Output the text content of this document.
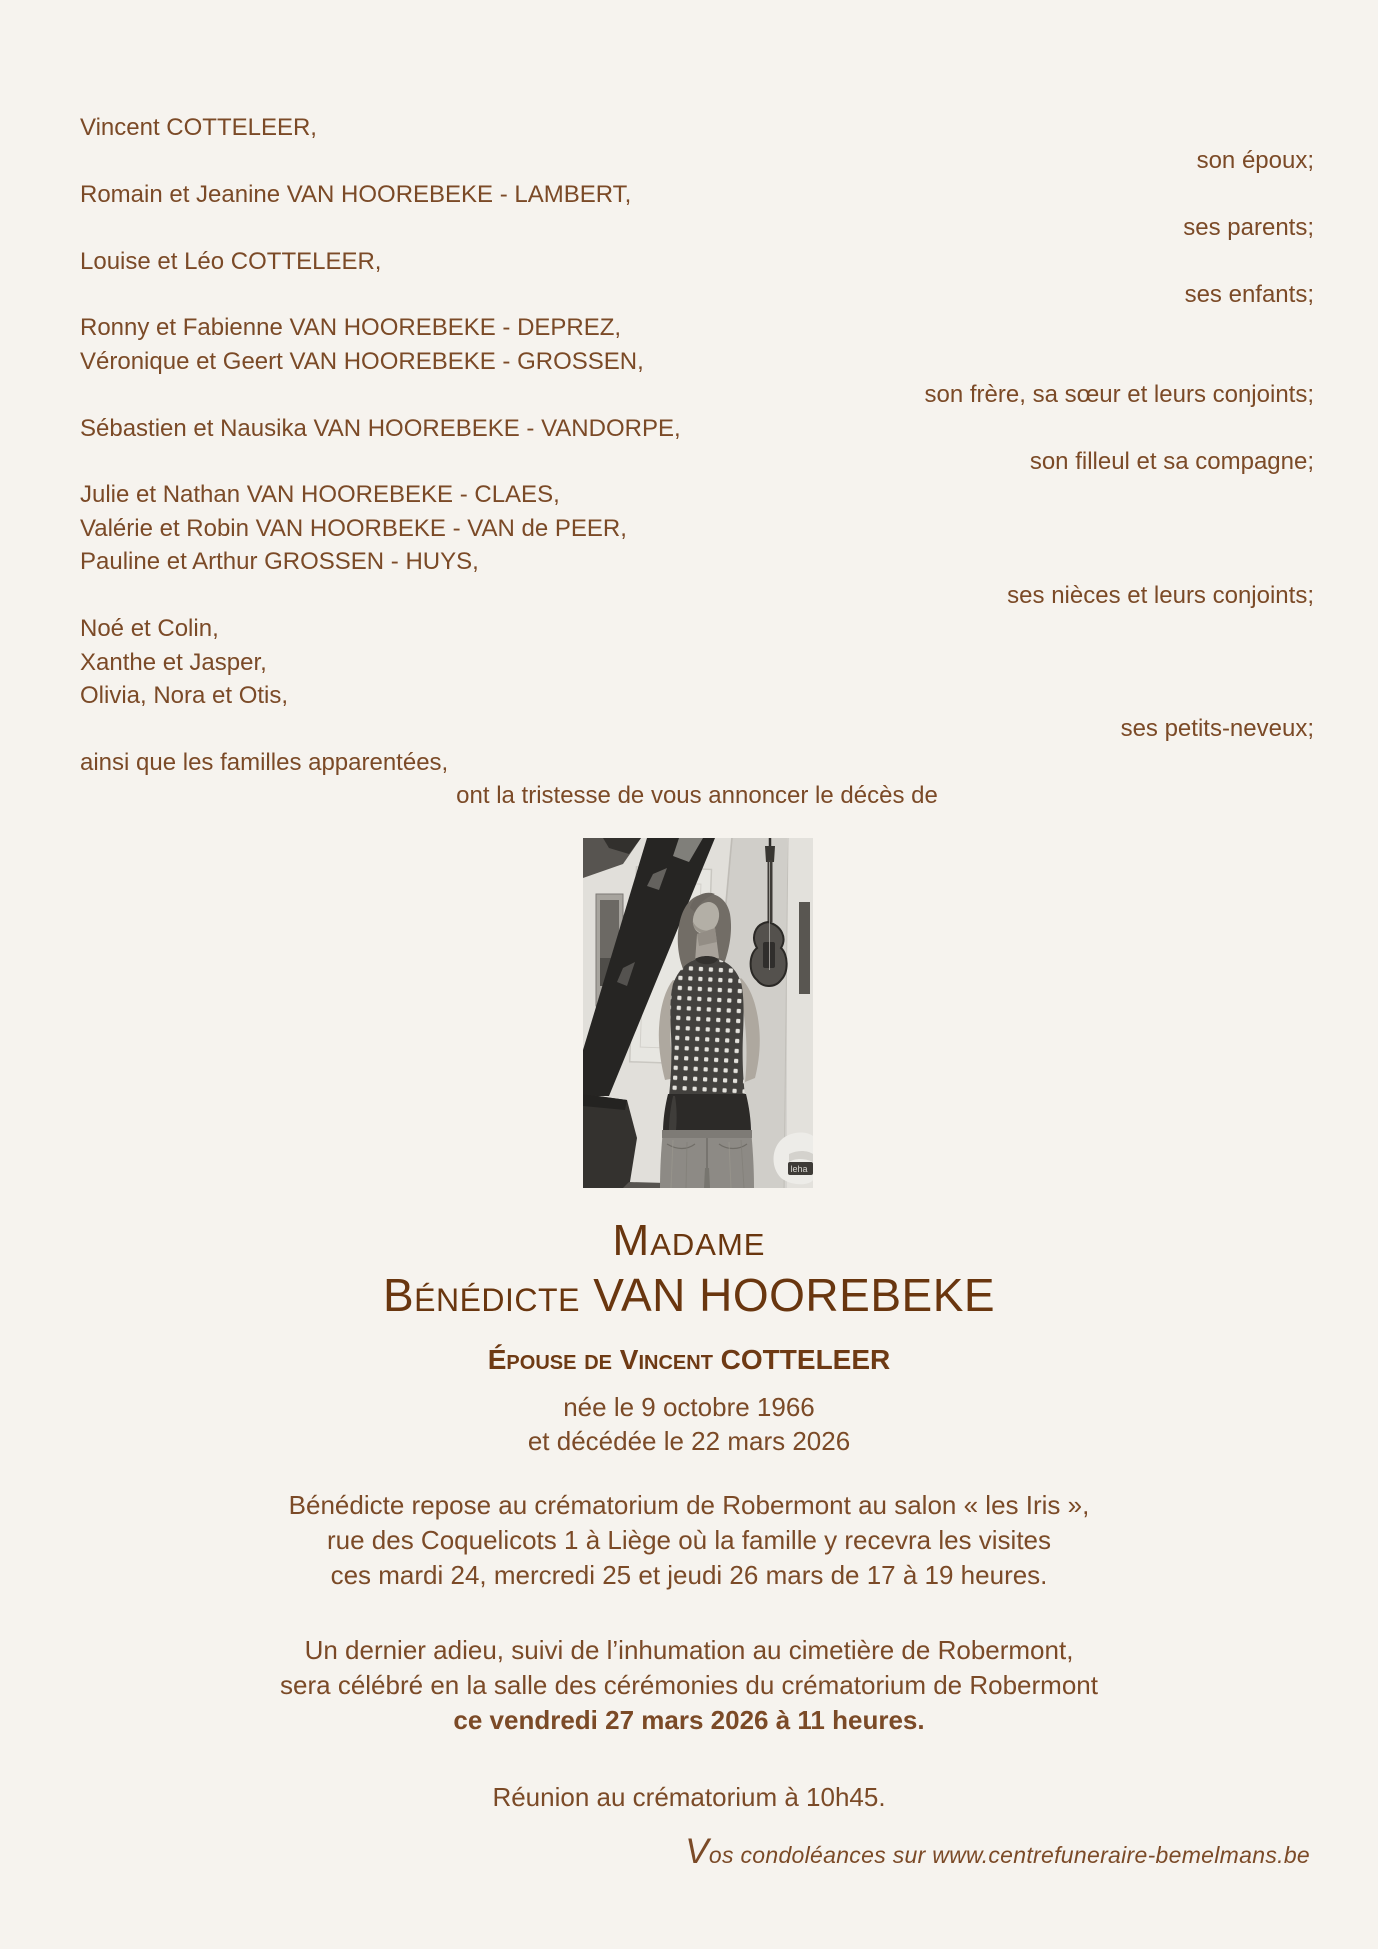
Vincent COTTELEER,
son époux;
Romain et Jeanine VAN HOOREBEKE - LAMBERT,
ses parents;
Louise et Léo COTTELEER,
ses enfants;
Ronny et Fabienne VAN HOOREBEKE - DEPREZ,
Véronique et Geert VAN HOOREBEKE - GROSSEN,
son frère, sa sœur et leurs conjoints;
Sébastien et Nausika VAN HOOREBEKE - VANDORPE,
son filleul et sa compagne;
Julie et Nathan VAN HOOREBEKE - CLAES,
Valérie et Robin VAN HOORBEKE - VAN de PEER,
Pauline et Arthur GROSSEN - HUYS,
ses nièces et leurs conjoints;
Noé et Colin,
Xanthe et Jasper,
Olivia, Nora et Otis,
ses petits-neveux;
ainsi que les familles apparentées,
ont la tristesse de vous annoncer le décès de
leha
Madame
Bénédicte VAN HOOREBEKE
Épouse de Vincent COTTELEER
née le 9 octobre 1966
et décédée le 22 mars 2026
Bénédicte repose au crématorium de Robermont au salon « les Iris »,
rue des Coquelicots 1 à Liège où la famille y recevra les visites
ces mardi 24, mercredi 25 et jeudi 26 mars de 17 à 19 heures.
Un dernier adieu, suivi de l’inhumation au cimetière de Robermont,
sera célébré en la salle des cérémonies du crématorium de Robermont
ce vendredi 27 mars 2026 à 11 heures.
Réunion au crématorium à 10h45.
Vos condoléances sur www.centrefuneraire-bemelmans.be
